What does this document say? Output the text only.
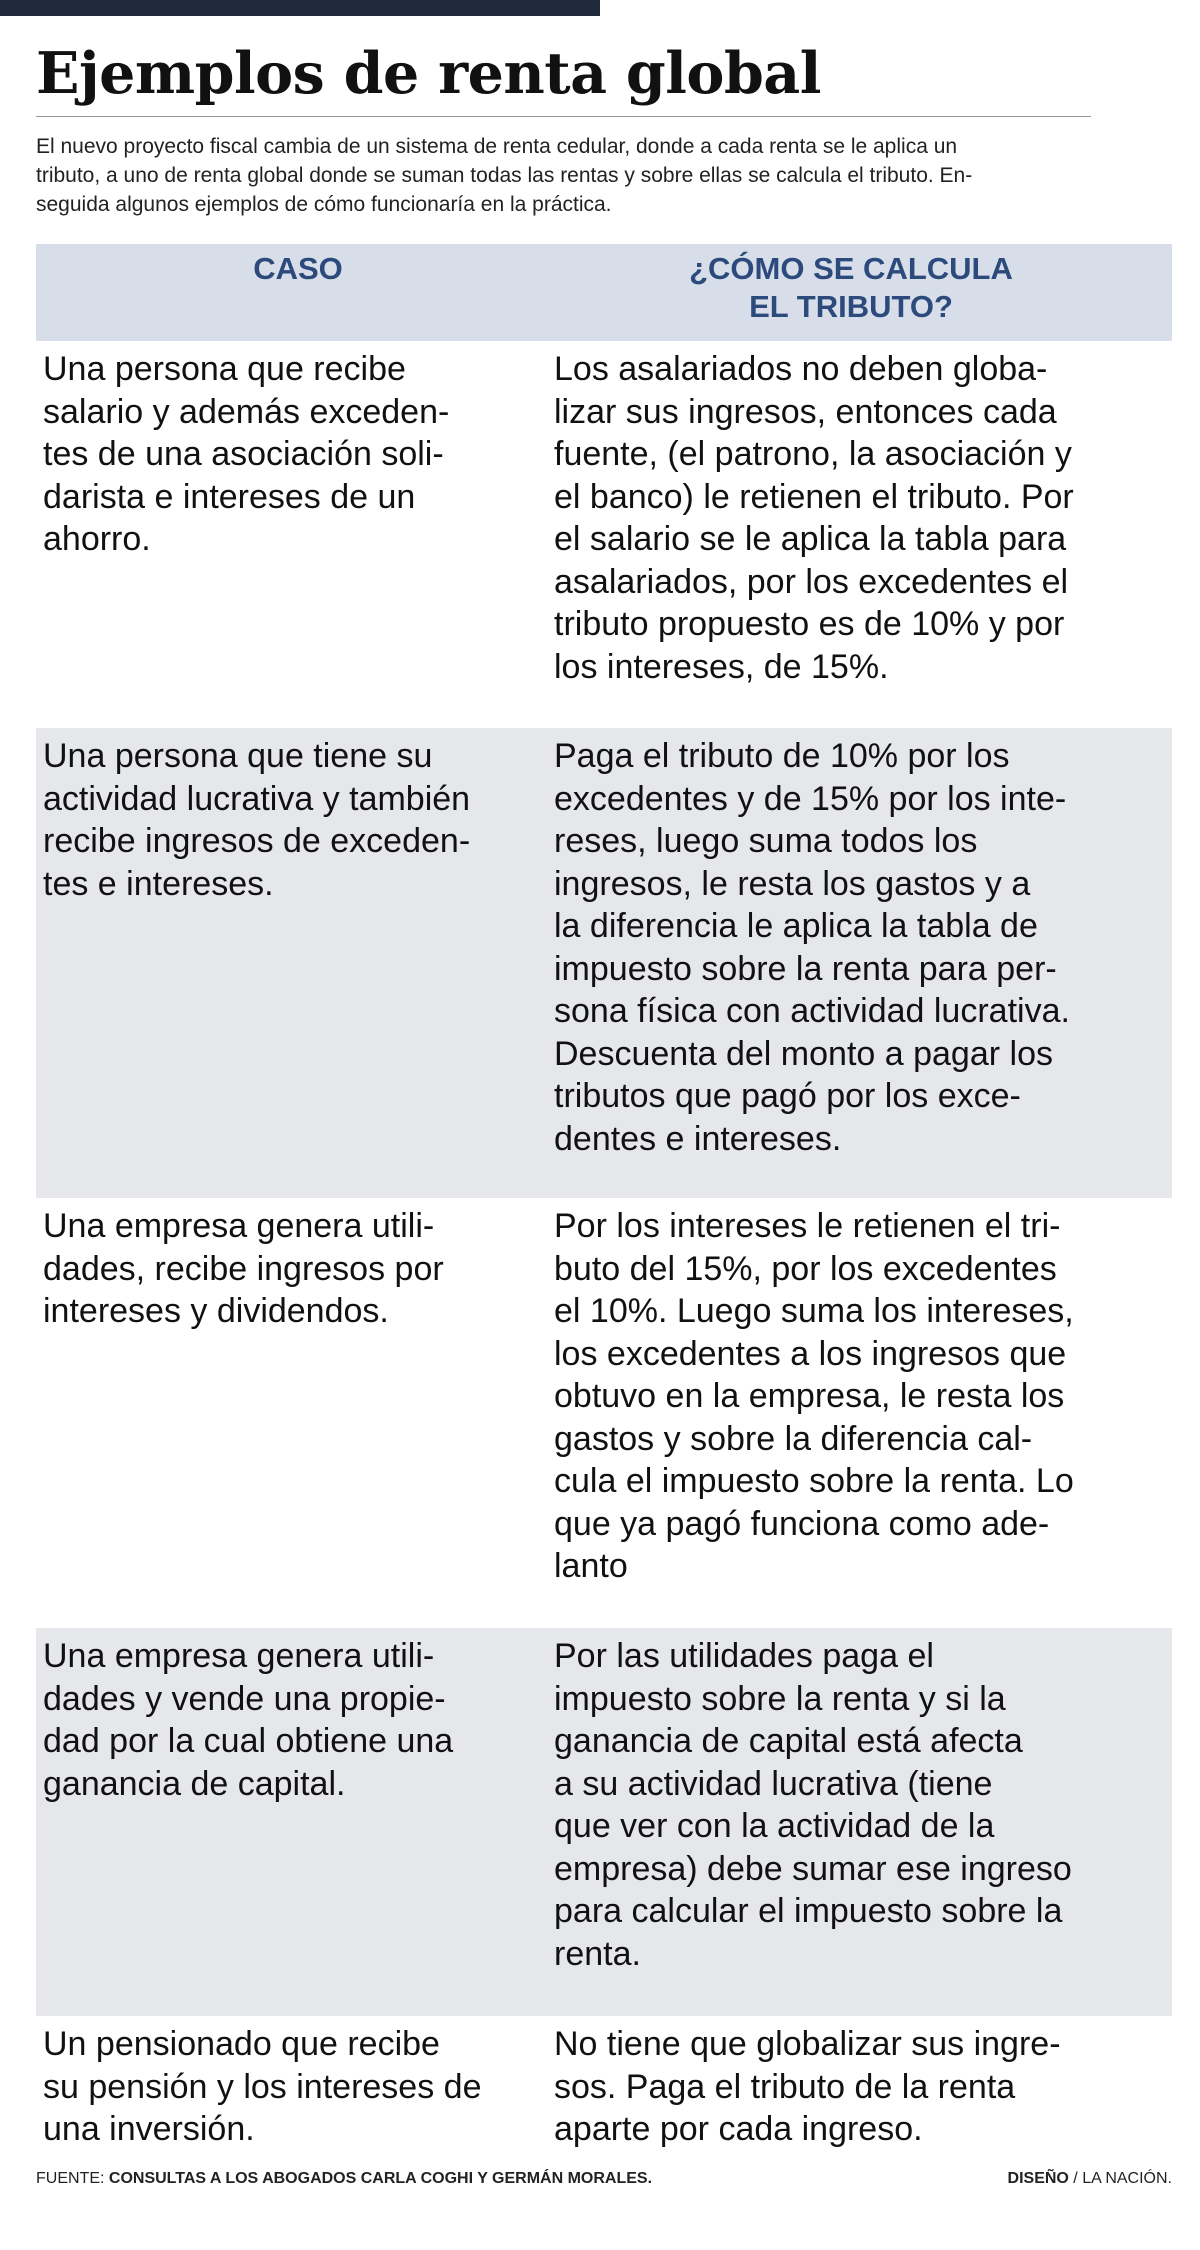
Ejemplos de renta global

El nuevo proyecto fiscal cambia de un sistema de renta cedular, donde a cada renta se le aplica un
tributo, a uno de renta global donde se suman todas las rentas y sobre ellas se calcula el tributo. En-
seguida algunos ejemplos de cómo funcionaría en la práctica.

CASO	¿CÓMO SE CALCULA
EL TRIBUTO?
Una persona que recibe
salario y además exceden-
tes de una asociación soli-
darista e intereses de un
ahorro.
Los asalariados no deben globa-
lizar sus ingresos, entonces cada
fuente, (el patrono, la asociación y
el banco) le retienen el tributo. Por
el salario se le aplica la tabla para
asalariados, por los excedentes el
tributo propuesto es de 10% y por
los intereses, de 15%.
Una persona que tiene su
actividad lucrativa y también
recibe ingresos de exceden-
tes e intereses.
Paga el tributo de 10% por los
excedentes y de 15% por los inte-
reses, luego suma todos los
ingresos, le resta los gastos y a
la diferencia le aplica la tabla de
impuesto sobre la renta para per-
sona física con actividad lucrativa.
Descuenta del monto a pagar los
tributos que pagó por los exce-
dentes e intereses.
Una empresa genera utili-
dades, recibe ingresos por
intereses y dividendos.
Por los intereses le retienen el tri-
buto del 15%, por los excedentes
el 10%. Luego suma los intereses,
los excedentes a los ingresos que
obtuvo en la empresa, le resta los
gastos y sobre la diferencia cal-
cula el impuesto sobre la renta. Lo
que ya pagó funciona como ade-
lanto
Una empresa genera utili-
dades y vende una propie-
dad por la cual obtiene una
ganancia de capital.
Por las utilidades paga el
impuesto sobre la renta y si la
ganancia de capital está afecta
a su actividad lucrativa (tiene
que ver con la actividad de la
empresa) debe sumar ese ingreso
para calcular el impuesto sobre la
renta.
Un pensionado que recibe
su pensión y los intereses de
una inversión.
No tiene que globalizar sus ingre-
sos. Paga el tributo de la renta
aparte por cada ingreso.
FUENTE: CONSULTAS A LOS ABOGADOS CARLA COGHI Y GERMÁN MORALES.	DISEÑO / LA NACIÓN.
